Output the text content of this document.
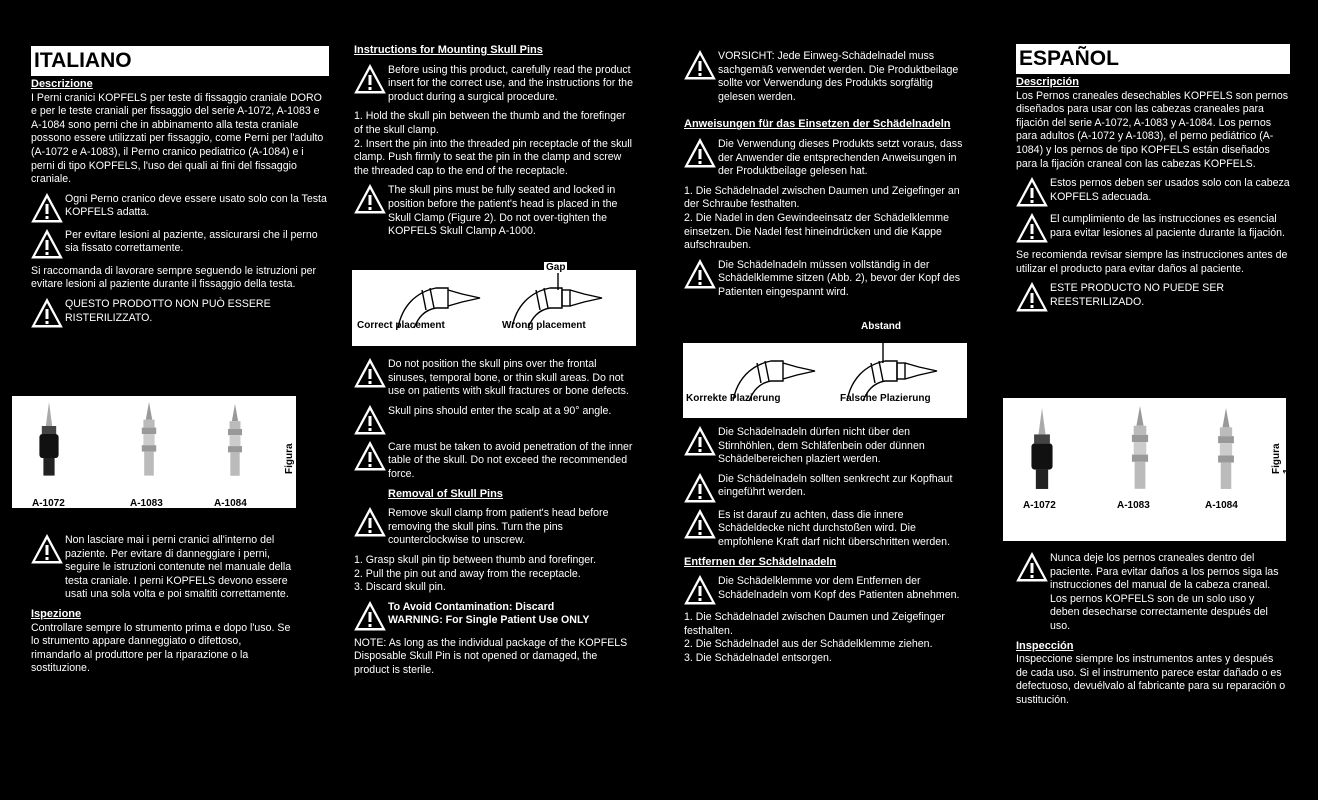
ITALIANO
Descrizione

I Perni cranici KOPFELS per teste di fissaggio craniale DORO e per le teste craniali per fissaggio del serie A-1072, A-1083 e A-1084 sono perni che in abbinamento alla testa craniale possono essere utilizzati per fissaggio, come Perni per l'adulto (A-1072 e A-1083), il Perno cranico pediatrico (A-1084) e i perni di tipo KOPFELS, l'uso dei quali ai fini del fissaggio craniale.

Ogni Perno cranico deve essere usato solo con la Testa KOPFELS adatta.
Per evitare lesioni al paziente, assicurarsi che il perno sia fissato correttamente.

Si raccomanda di lavorare sempre seguendo le istruzioni per evitare lesioni al paziente durante il fissaggio della testa.

QUESTO PRODOTTO NON PUÒ ESSERE RISTERILIZZATO.
A-1072	A-1083	A-1084
Figura 1
Non lasciare mai i perni cranici all'interno del paziente. Per evitare di danneggiare i perni, seguire le istruzioni contenute nel manuale della testa craniale. I perni KOPFELS devono essere usati una sola volta e poi smaltiti correttamente.
Ispezione

Controllare sempre lo strumento prima e dopo l'uso. Se lo strumento appare danneggiato o difettoso, rimandarlo al produttore per la riparazione o la sostituzione.

Instructions for Mounting Skull Pins
Before using this product, carefully read the product insert for the correct use, and the instructions for the product during a surgical procedure.

1. Hold the skull pin between the thumb and the forefinger of the skull clamp.
2. Insert the pin into the threaded pin receptacle of the skull clamp. Push firmly to seat the pin in the clamp and screw the threaded cap to the end of the receptacle.

The skull pins must be fully seated and locked in position before the patient's head is placed in the Skull Clamp (Figure 2). Do not over-tighten the KOPFELS Skull Clamp A-1000.
Gap
Correct placement	Wrong placement
Do not position the skull pins over the frontal sinuses, temporal bone, or thin skull areas. Do not use on patients with skull fractures or bone defects.
Skull pins should enter the scalp at a 90° angle.
Care must be taken to avoid penetration of the inner table of the skull. Do not exceed the recommended force.
Removal of Skull Pins
Remove skull clamp from patient's head before removing the skull pins. Turn the pins counterclockwise to unscrew.

1. Grasp skull pin tip between thumb and forefinger.
2. Pull the pin out and away from the receptacle.
3. Discard skull pin.

To Avoid Contamination: Discard
WARNING: For Single Patient Use ONLY

NOTE: As long as the individual package of the KOPFELS Disposable Skull Pin is not opened or damaged, the product is sterile.

VORSICHT: Jede Einweg-Schädelnadel muss sachgemäß verwendet werden. Die Produktbeilage sollte vor Verwendung des Produkts sorgfältig gelesen werden.
Anweisungen für das Einsetzen der Schädelnadeln
Die Verwendung dieses Produkts setzt voraus, dass der Anwender die entsprechenden Anweisungen in der Produktbeilage gelesen hat.

1. Die Schädelnadel zwischen Daumen und Zeigefinger an der Schraube festhalten.
2. Die Nadel in den Gewindeeinsatz der Schädelklemme einsetzen. Die Nadel fest hineindrücken und die Kappe aufschrauben.

Die Schädelnadeln müssen vollständig in der Schädelklemme sitzen (Abb. 2), bevor der Kopf des Patienten eingespannt wird.
Abstand
Korrekte Plazierung	Falsche Plazierung
Die Schädelnadeln dürfen nicht über den Stirnhöhlen, dem Schläfenbein oder dünnen Schädelbereichen plaziert werden.
Die Schädelnadeln sollten senkrecht zur Kopfhaut eingeführt werden.
Es ist darauf zu achten, dass die innere Schädeldecke nicht durchstoßen wird. Die empfohlene Kraft darf nicht überschritten werden.
Entfernen der Schädelnadeln
Die Schädelklemme vor dem Entfernen der Schädelnadeln vom Kopf des Patienten abnehmen.

1. Die Schädelnadel zwischen Daumen und Zeigefinger festhalten.
2. Die Schädelnadel aus der Schädelklemme ziehen.
3. Die Schädelnadel entsorgen.

ESPAÑOL
Descripción

Los Pernos craneales desechables KOPFELS son pernos diseñados para usar con las cabezas craneales para fijación del serie A-1072, A-1083 y A-1084. Los pernos para adultos (A-1072 y A-1083), el perno pediátrico (A-1084) y los pernos de tipo KOPFELS están diseñados para la fijación craneal con las cabezas KOPFELS.

Estos pernos deben ser usados solo con la cabeza KOPFELS adecuada.
El cumplimiento de las instrucciones es esencial para evitar lesiones al paciente durante la fijación.

Se recomienda revisar siempre las instrucciones antes de utilizar el producto para evitar daños al paciente.

ESTE PRODUCTO NO PUEDE SER REESTERILIZADO.
A-1072	A-1083	A-1084
Figura 1
Nunca deje los pernos craneales dentro del paciente. Para evitar daños a los pernos siga las instrucciones del manual de la cabeza craneal. Los pernos KOPFELS son de un solo uso y deben desecharse correctamente después del uso.
Inspección

Inspeccione siempre los instrumentos antes y después de cada uso. Si el instrumento parece estar dañado o es defectuoso, devuélvalo al fabricante para su reparación o sustitución.
